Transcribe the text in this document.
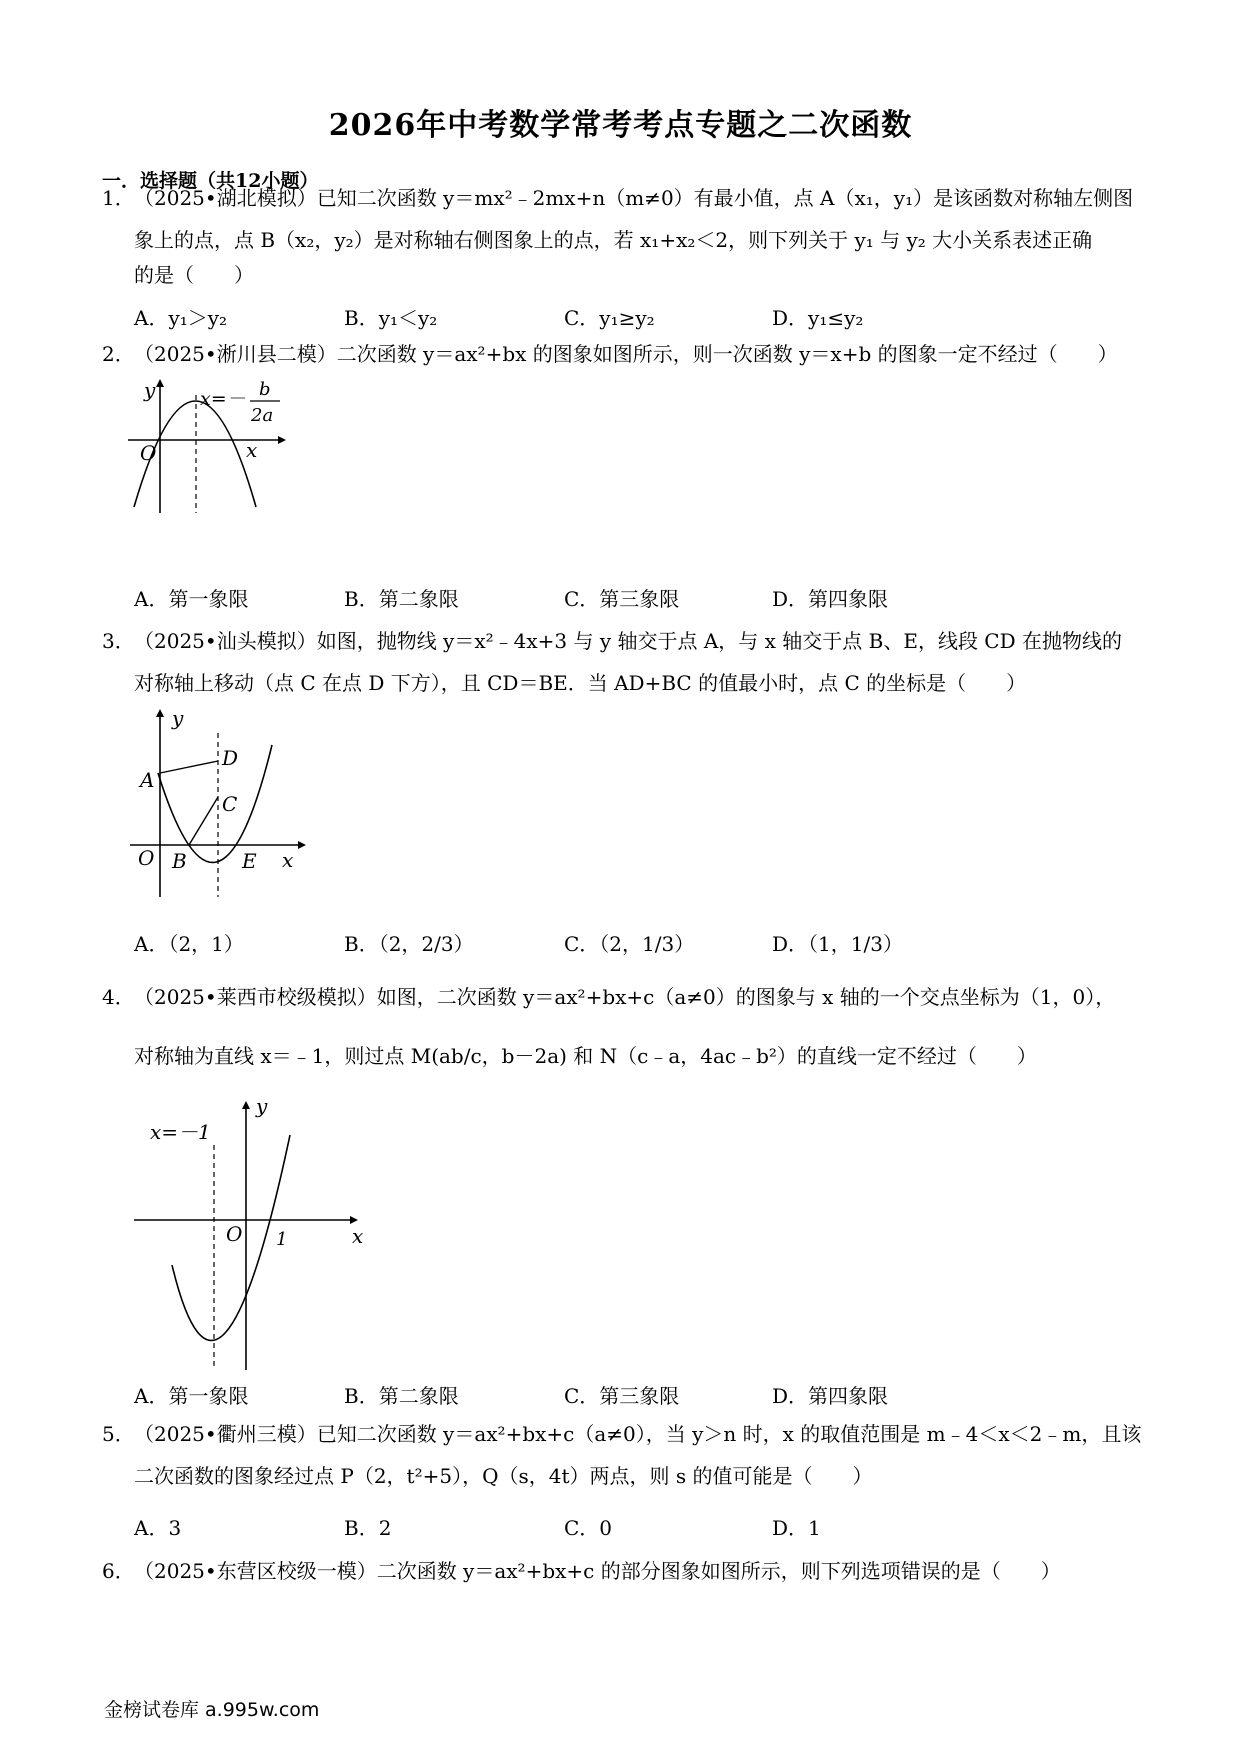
2026年中考数学常考考点专题之二次函数
一．选择题（共12小题）
1．（2025•湖北模拟）已知二次函数 y＝mx²﹣2mx+n（m≠0）有最小值，点 A（x₁，y₁）是该函数对称轴左侧图
象上的点，点 B（x₂，y₂）是对称轴右侧图象上的点，若 x₁+x₂＜2，则下列关于 y₁ 与 y₂ 大小关系表述正确
的是（　　）
A．y₁＞y₂	B．y₁＜y₂	C．y₁≥y₂	D．y₁≤y₂
2．（2025•淅川县二模）二次函数 y＝ax²+bx 的图象如图所示，则一次函数 y＝x+b 的图象一定不经过（　　）
y
x
O
x=－ b
2a
A．第一象限	B．第二象限	C．第三象限	D．第四象限
3．（2025•汕头模拟）如图，抛物线 y＝x²﹣4x+3 与 y 轴交于点 A，与 x 轴交于点 B、E，线段 CD 在抛物线的
对称轴上移动（点 C 在点 D 下方），且 CD＝BE．当 AD+BC 的值最小时，点 C 的坐标是（　　）
y
x
O
A
B
C
D
E
A．（2，1）	B．（2，2/3）	C．（2，1/3）	D．（1，1/3）
4．（2025•莱西市校级模拟）如图，二次函数 y＝ax²+bx+c（a≠0）的图象与 x 轴的一个交点坐标为（1，0），
对称轴为直线 x＝﹣1，则过点 M(ab/c，b－2a) 和 N（c﹣a，4ac﹣b²）的直线一定不经过（　　）
y
x
O 1
x=－1
A．第一象限	B．第二象限	C．第三象限	D．第四象限
5．（2025•衢州三模）已知二次函数 y＝ax²+bx+c（a≠0），当 y＞n 时，x 的取值范围是 m﹣4＜x＜2﹣m，且该
二次函数的图象经过点 P（2，t²+5），Q（s，4t）两点，则 s 的值可能是（　　）
A．3	B．2	C．0	D．1
6．（2025•东营区校级一模）二次函数 y＝ax²+bx+c 的部分图象如图所示，则下列选项错误的是（　　）
金榜试卷库 a.995w.com
